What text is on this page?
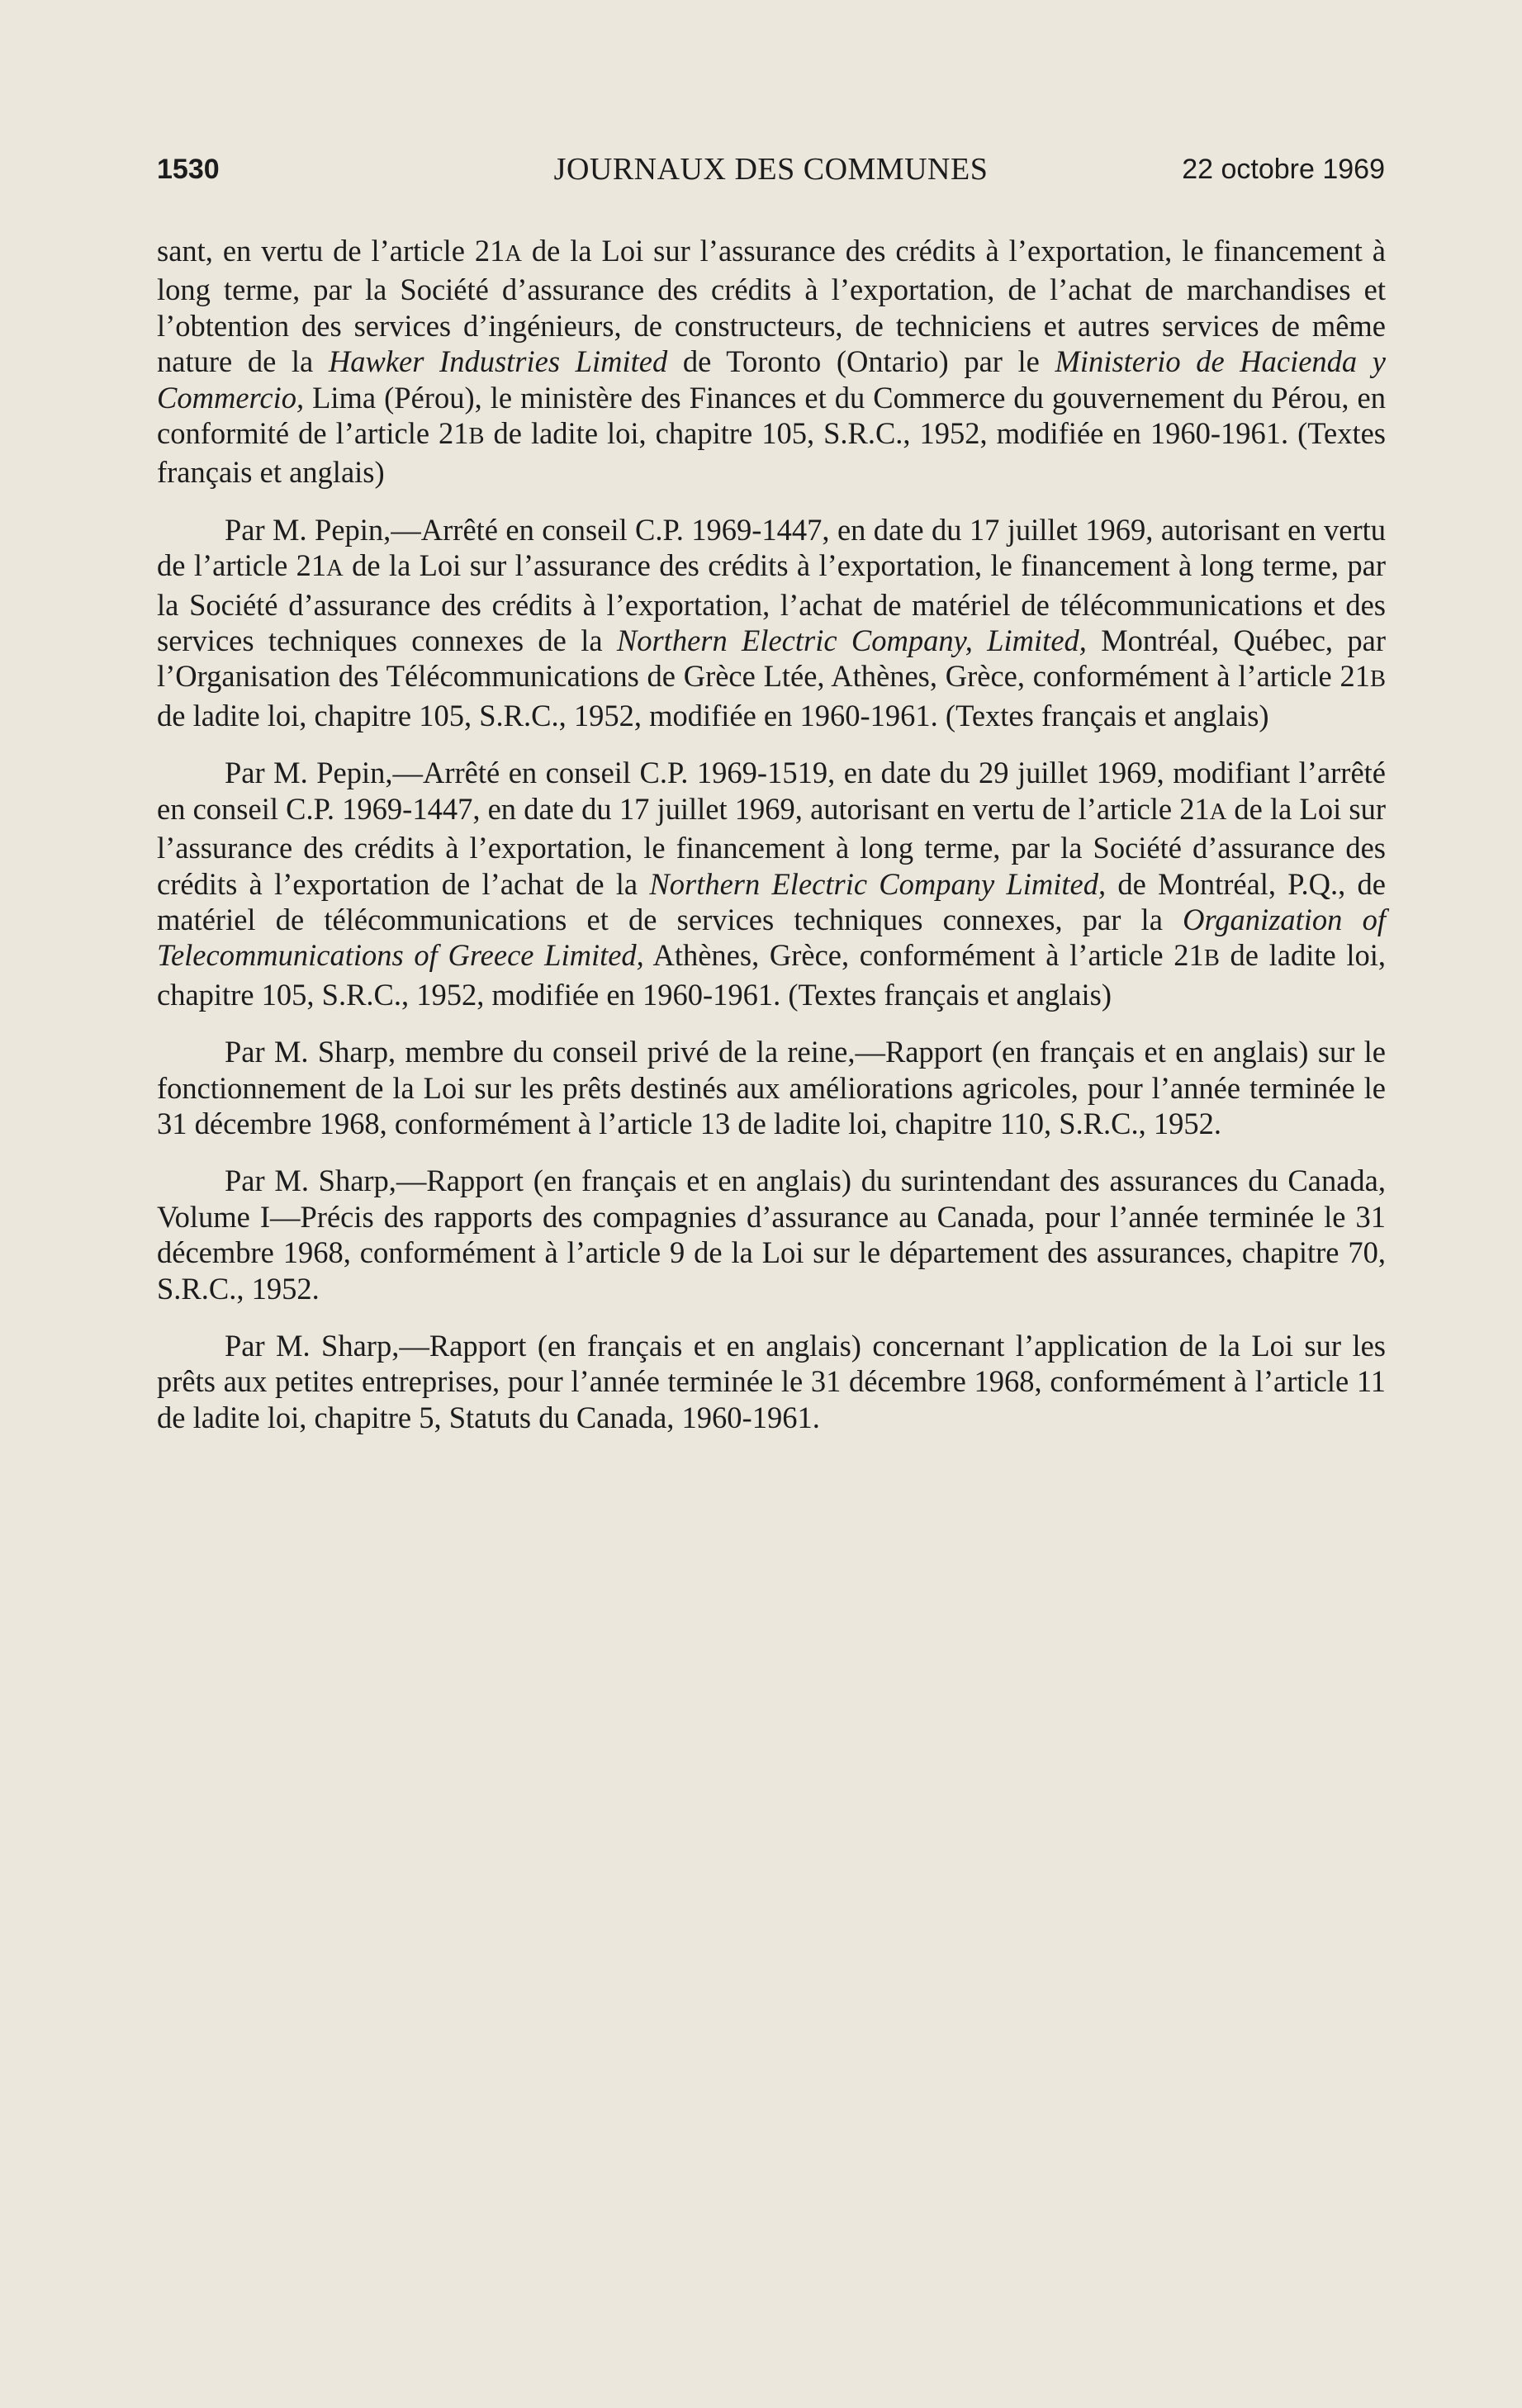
1530	JOURNAUX DES COMMUNES	22 octobre 1969

sant, en vertu de l’article 21A de la Loi sur l’assurance des crédits à l’exportation, le financement à long terme, par la Société d’assurance des crédits à l’exportation, de l’achat de marchandises et l’obtention des services d’ingénieurs, de constructeurs, de techniciens et autres services de même nature de la Hawker Industries Limited de Toronto (Ontario) par le Ministerio de Hacienda y Commercio, Lima (Pérou), le ministère des Finances et du Commerce du gouvernement du Pérou, en conformité de l’article 21B de ladite loi, chapitre 105, S.R.C., 1952, modifiée en 1960-1961. (Textes français et anglais)

Par M. Pepin,—Arrêté en conseil C.P. 1969-1447, en date du 17 juillet 1969, autorisant en vertu de l’article 21A de la Loi sur l’assurance des crédits à l’exportation, le financement à long terme, par la Société d’assurance des crédits à l’exportation, l’achat de matériel de télécommunications et des services techniques connexes de la Northern Electric Company, Limited, Montréal, Québec, par l’Organisation des Télécommunications de Grèce Ltée, Athènes, Grèce, conformément à l’article 21B de ladite loi, chapitre 105, S.R.C., 1952, modifiée en 1960-1961. (Textes français et anglais)

Par M. Pepin,—Arrêté en conseil C.P. 1969-1519, en date du 29 juillet 1969, modifiant l’arrêté en conseil C.P. 1969-1447, en date du 17 juillet 1969, autorisant en vertu de l’article 21A de la Loi sur l’assurance des crédits à l’exportation, le financement à long terme, par la Société d’assurance des crédits à l’exportation de l’achat de la Northern Electric Company Limited, de Montréal, P.Q., de matériel de télécommunications et de services techniques connexes, par la Organization of Telecommunications of Greece Limited, Athènes, Grèce, conformément à l’article 21B de ladite loi, chapitre 105, S.R.C., 1952, modifiée en 1960-1961. (Textes français et anglais)

Par M. Sharp, membre du conseil privé de la reine,—Rapport (en français et en anglais) sur le fonctionnement de la Loi sur les prêts destinés aux améliorations agricoles, pour l’année terminée le 31 décembre 1968, conformément à l’article 13 de ladite loi, chapitre 110, S.R.C., 1952.

Par M. Sharp,—Rapport (en français et en anglais) du surintendant des assurances du Canada, Volume I—Précis des rapports des compagnies d’assurance au Canada, pour l’année terminée le 31 décembre 1968, conformément à l’article 9 de la Loi sur le département des assurances, chapitre 70, S.R.C., 1952.

Par M. Sharp,—Rapport (en français et en anglais) concernant l’application de la Loi sur les prêts aux petites entreprises, pour l’année terminée le 31 décembre 1968, conformément à l’article 11 de ladite loi, chapitre 5, Statuts du Canada, 1960-1961.
